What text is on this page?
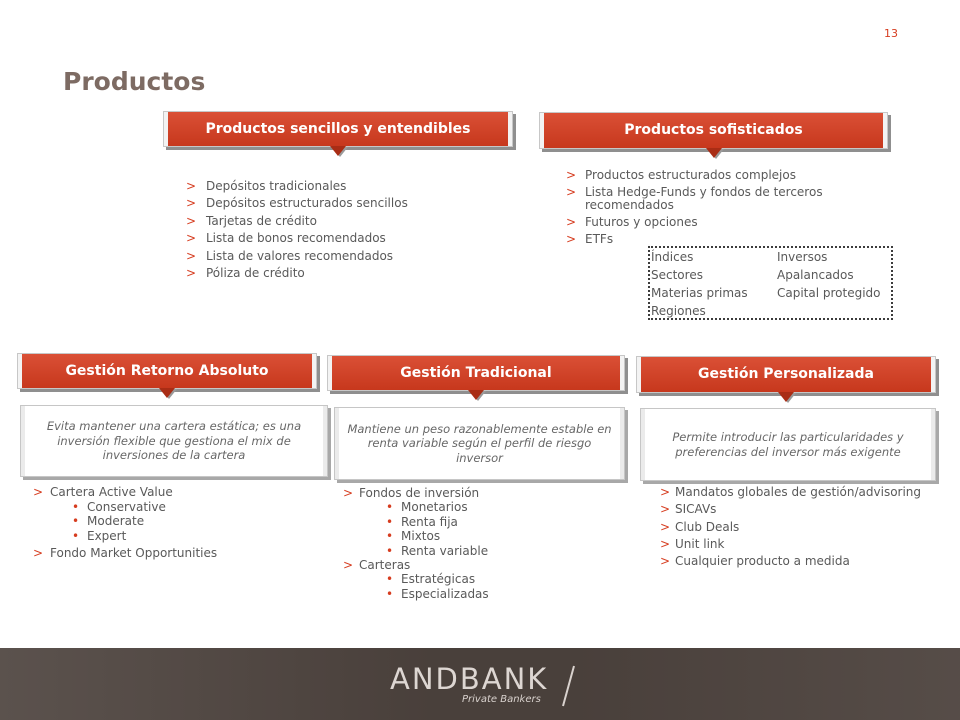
13
Productos
Productos sencillos y entendibles	Productos sofisticados
> Depósitos tradicionales
> Depósitos estructurados sencillos
> Tarjetas de crédito
> Lista de bonos recomendados
> Lista de valores recomendados
> Póliza de crédito
> Productos estructurados complejos
> Lista Hedge-Funds y fondos de terceros recomendados
> Futuros y opciones
> ETFs
Índices	Inversos
Sectores	Apalancados
Materias primas	Capital protegido
Regiones
Gestión Retorno Absoluto	Gestión Tradicional	Gestión Personalizada

Evita mantener una cartera estática; es una inversión flexible que gestiona el mix de inversiones de la cartera

Mantiene un peso razonablemente estable en renta variable según el perfil de riesgo inversor

Permite introducir las particularidades y preferencias del inversor más exigente

> Cartera Active Value
• Conservative
• Moderate
• Expert
> Fondo Market Opportunities
> Fondos de inversión
• Monetarios
• Renta fija
• Mixtos
• Renta variable
> Carteras
• Estratégicas
• Especializadas
> Mandatos globales de gestión/advisoring
> SICAVs
> Club Deals
> Unit link
> Cualquier producto a medida
ANDBANK
Private Bankers
